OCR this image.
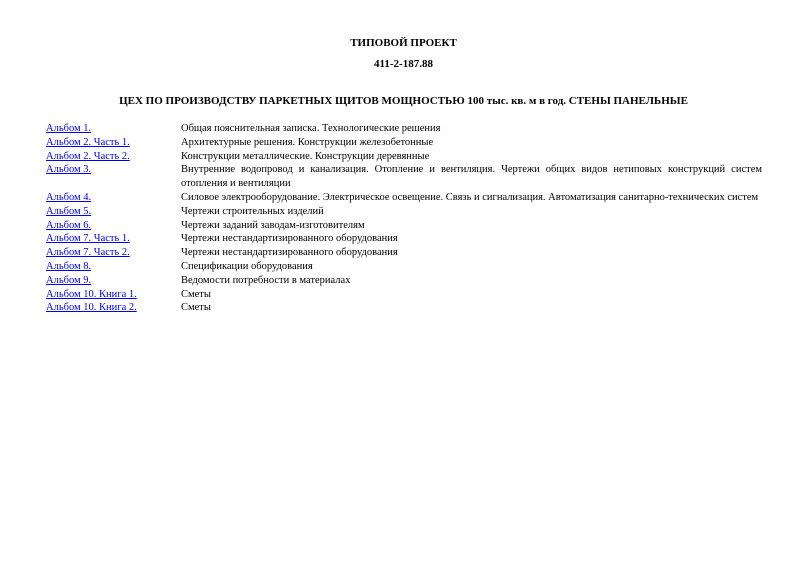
ТИПОВОЙ ПРОЕКТ
411-2-187.88
ЦЕХ ПО ПРОИЗВОДСТВУ ПАРКЕТНЫХ ЩИТОВ МОЩНОСТЬЮ 100 тыс. кв. м в год. СТЕНЫ ПАНЕЛЬНЫЕ
Альбом 1.	Общая пояснительная записка. Технологические решения
Альбом 2. Часть 1.	Архитектурные решения. Конструкции железобетонные
Альбом 2. Часть 2.	Конструкции металлические. Конструкции деревянные
Альбом 3.	Внутренние водопровод и канализация. Отопление и вентиляция. Чертежи общих видов нетиповых конструкций систем отопления и вентиляции
Альбом 4.	Силовое электрооборудование. Электрическое освещение. Связь и сигнализация. Автоматизация санитарно-технических систем
Альбом 5.	Чертежи строительных изделий
Альбом 6.	Чертежи заданий заводам-изготовителям
Альбом 7. Часть 1.	Чертежи нестандартизированного оборудования
Альбом 7. Часть 2.	Чертежи нестандартизированного оборудования
Альбом 8.	Спецификации оборудования
Альбом 9.	Ведомости потребности в материалах
Альбом 10. Книга 1.	Сметы
Альбом 10. Книга 2.	Сметы
